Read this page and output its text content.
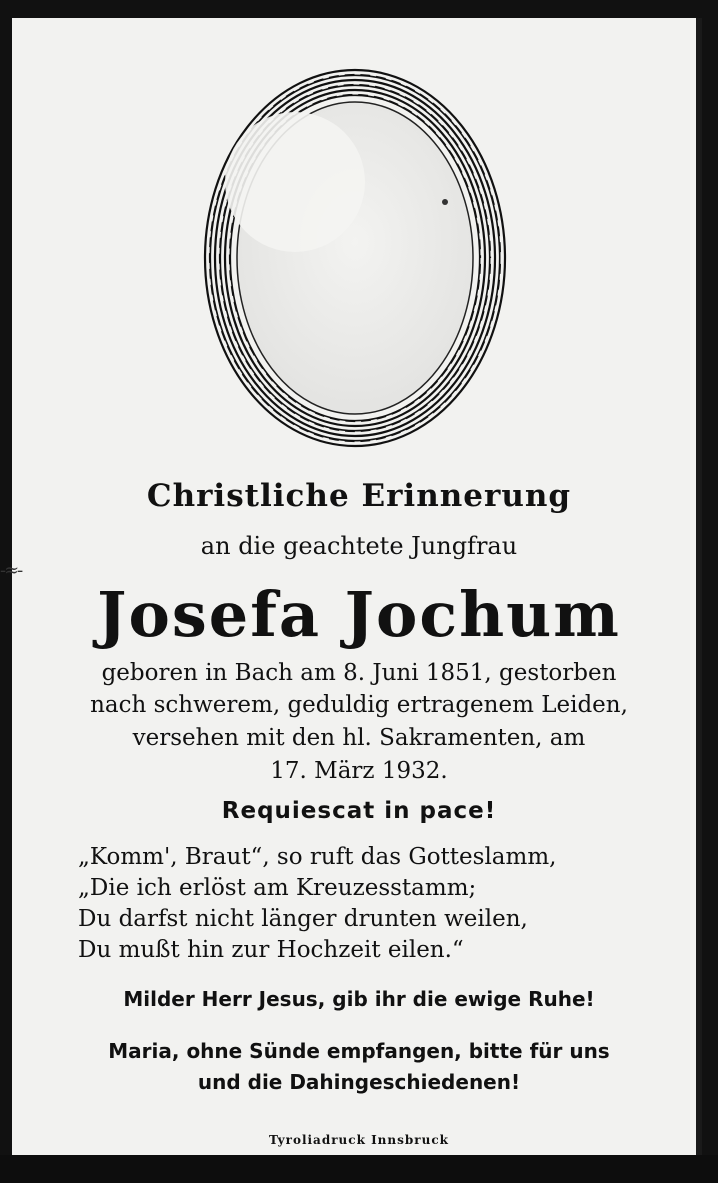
-≈-
Christliche Erinnerung
an die geachtete Jungfrau
Josefa Jochum
geboren in Bach am 8. Juni 1851, gestorben
nach schwerem, geduldig ertragenem Leiden,
versehen mit den hl. Sakramenten, am
17. März 1932.
Requiescat in pace!
„Komm', Braut“, so ruft das Gotteslamm,
„Die ich erlöst am Kreuzesstamm;
Du darfst nicht länger drunten weilen,
Du mußt hin zur Hochzeit eilen.“
Milder Herr Jesus, gib ihr die ewige Ruhe!
Maria, ohne Sünde empfangen, bitte für uns
und die Dahingeschiedenen!
Tyroliadruck Innsbruck
